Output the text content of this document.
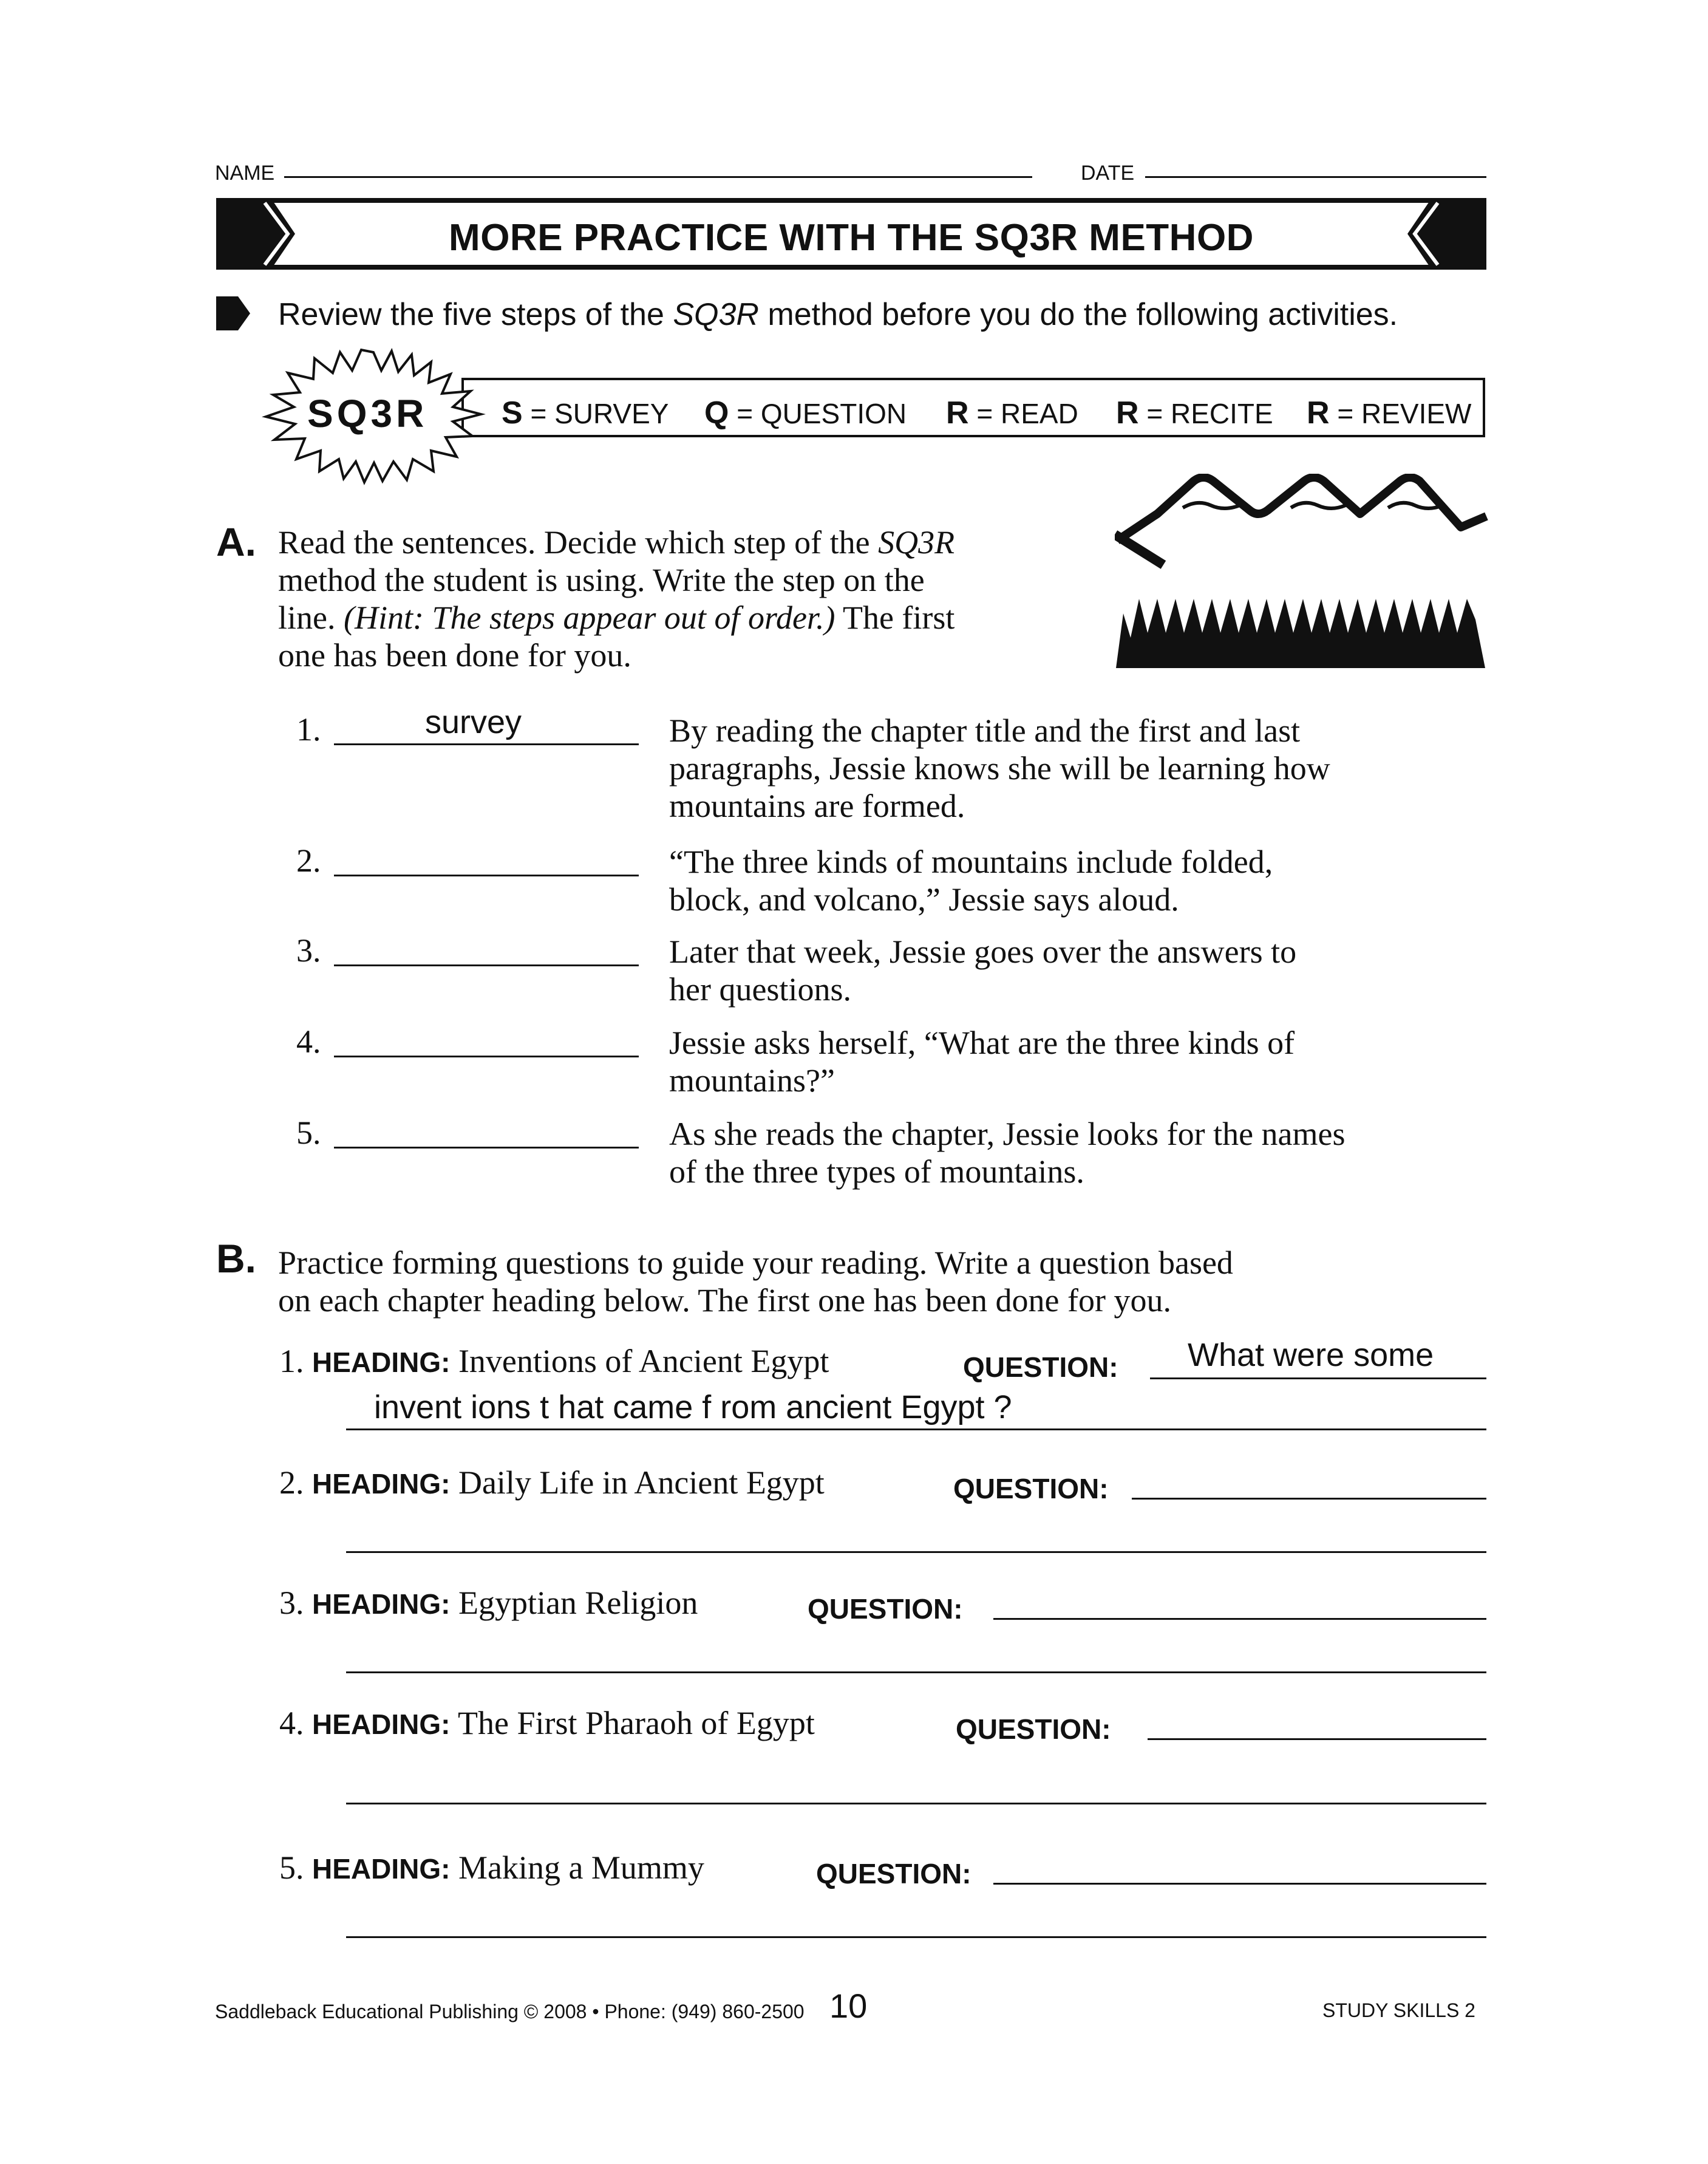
NAME	DATE
MORE PRACTICE WITH THE SQ3R METHOD
Review the five steps of the SQ3R method before you do the following activities.
S = SURVEY Q = QUESTION R = READ R = RECITE R = REVIEW
SQ3R
A. Read the sentences. Decide which step of the SQ3R
method the student is using. Write the step on the
line. (Hint: The steps appear out of order.) The first
one has been done for you.
1.	survey	By reading the chapter title and the first and last
paragraphs, Jessie knows she will be learning how
mountains are formed.
2.	“The three kinds of mountains include folded,
block, and volcano,” Jessie says aloud.
3.	Later that week, Jessie goes over the answers to
her questions.
4.	Jessie asks herself, “What are the three kinds of
mountains?”
5.	As she reads the chapter, Jessie looks for the names
of the three types of mountains.
B. Practice forming questions to guide your reading. Write a question based
on each chapter heading below. The first one has been done for you.
1. HEADING: Inventions of Ancient Egypt	QUESTION: What were some
invent ions t hat came f rom ancient Egypt ?
2. HEADING: Daily Life in Ancient Egypt	QUESTION:
3. HEADING: Egyptian Religion	QUESTION:
4. HEADING: The First Pharaoh of Egypt	QUESTION:
5. HEADING: Making a Mummy	QUESTION:
Saddleback Educational Publishing © 2008 • Phone: (949) 860-2500 10	STUDY SKILLS 2
